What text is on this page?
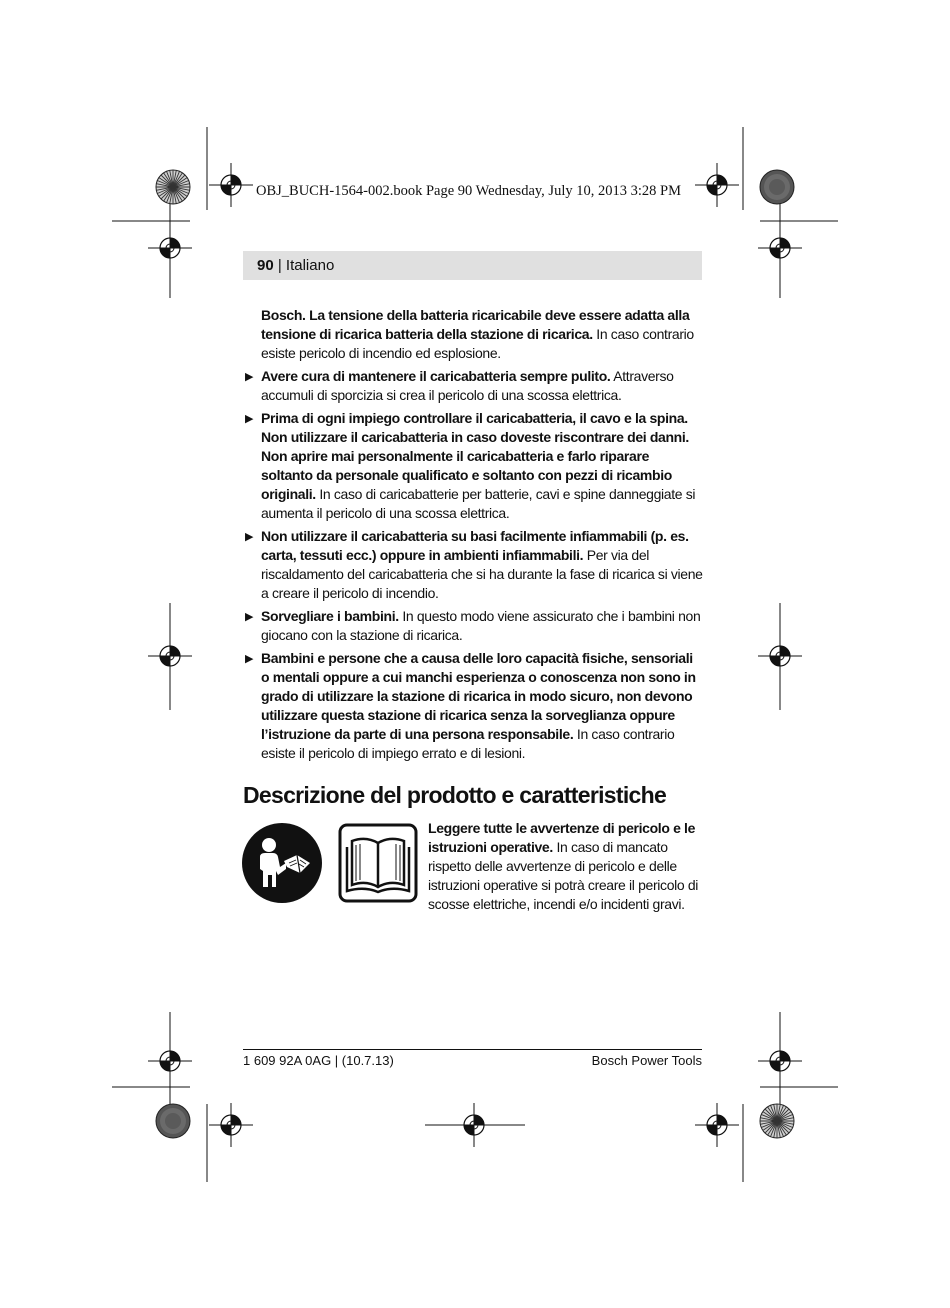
OBJ_BUCH-1564-002.book Page 90 Wednesday, July 10, 2013 3:28 PM
90 | Italiano

Bosch. La tensione della batteria ricaricabile deve essere adatta alla tensione di ricarica batteria della stazione di ricarica. In caso contrario esiste pericolo di incendio ed esplosione.

▶ Avere cura di mantenere il caricabatteria sempre pulito. Attraverso accumuli di sporcizia si crea il pericolo di una scossa elettrica.

▶ Prima di ogni impiego controllare il caricabatteria, il cavo e la spina. Non utilizzare il caricabatteria in caso doveste riscontrare dei danni. Non aprire mai personalmente il caricabatteria e farlo riparare soltanto da personale qualificato e soltanto con pezzi di ricambio originali. In caso di caricabatterie per batterie, cavi e spine danneggiate si aumenta il pericolo di una scossa elettrica.

▶ Non utilizzare il caricabatteria su basi facilmente infiammabili (p. es. carta, tessuti ecc.) oppure in ambienti infiammabili. Per via del riscaldamento del caricabatteria che si ha durante la fase di ricarica si viene a creare il pericolo di incendio.

▶ Sorvegliare i bambini. In questo modo viene assicurato che i bambini non giocano con la stazione di ricarica.

▶ Bambini e persone che a causa delle loro capacità fisiche, sensoriali o mentali oppure a cui manchi esperienza o conoscenza non sono in grado di utilizzare la stazione di ricarica in modo sicuro, non devono utilizzare questa stazione di ricarica senza la sorveglianza oppure l’istruzione da parte di una persona responsabile. In caso contrario esiste il pericolo di impiego errato e di lesioni.

Descrizione del prodotto e caratteristiche
Leggere tutte le avvertenze di pericolo e le istruzioni operative. In caso di mancato rispetto delle avvertenze di pericolo e delle istruzioni operative si potrà creare il pericolo di scosse elettriche, incendi e/o incidenti gravi.
1 609 92A 0AG | (10.7.13)	Bosch Power Tools
